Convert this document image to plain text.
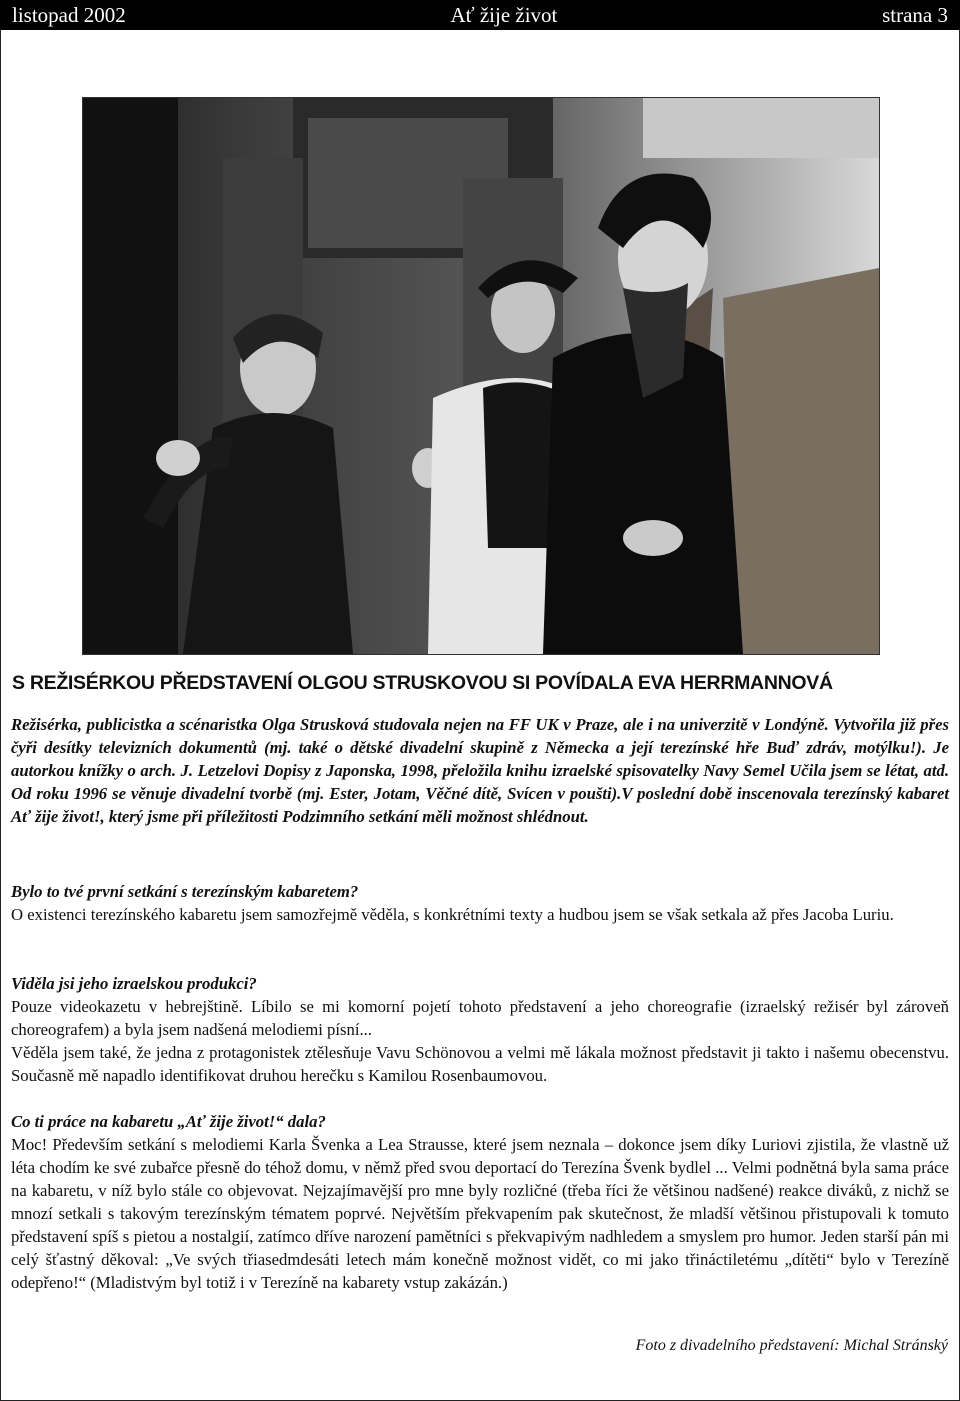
listopad 2002	Ať žije život	strana 3
S REŽISÉRKOU PŘEDSTAVENÍ OLGOU STRUSKOVOU SI POVÍDALA EVA HERRMANNOVÁ

Režisérka, publicistka a scénaristka Olga Strusková studovala nejen na FF UK v Praze, ale i na univerzitě v Londýně. Vytvořila již přes čyři desítky televizních dokumentů (mj. také o dětské divadelní skupině z Německa a její terezínské hře Buď zdráv, motýlku!). Je autorkou knížky o arch. J. Letzelovi Dopisy z Japonska, 1998, přeložila knihu izraelské spisovatelky Navy Semel Učila jsem se létat, atd. Od roku 1996 se věnuje divadelní tvorbě (mj. Ester, Jotam, Věčné dítě, Svícen v poušti).V poslední době inscenovala terezínský kabaret Ať žije život!, který jsme při příležitosti Podzimního setkání měli možnost shlédnout.

Bylo to tvé první setkání s terezínským kabaretem?

O existenci terezínského kabaretu jsem samozřejmě věděla, s konkrétními texty a hudbou jsem se však setkala až přes Jacoba Luriu.

Viděla jsi jeho izraelskou produkci?

Pouze videokazetu v hebrejštině. Líbilo se mi komorní pojetí tohoto představení a jeho choreografie (izraelský režisér byl zároveň choreografem) a byla jsem nadšená melodiemi písní...

Věděla jsem také, že jedna z protagonistek ztělesňuje Vavu Schönovou a velmi mě lákala možnost představit ji takto i našemu obecenstvu. Současně mě napadlo identifikovat druhou herečku s Kamilou Rosenbaumovou.

Co ti práce na kabaretu „Ať žije život!“ dala?

Moc! Především setkání s melodiemi Karla Švenka a Lea Strausse, které jsem neznala – dokonce jsem díky Luriovi zjistila, že vlastně už léta chodím ke své zubařce přesně do téhož domu, v němž před svou deportací do Terezína Švenk bydlel ... Velmi podnětná byla sama práce na kabaretu, v níž bylo stále co objevovat. Nejzajímavější pro mne byly rozličné (třeba říci že většinou nadšené) reakce diváků, z nichž se mnozí setkali s takovým terezínským tématem poprvé. Největším překvapením pak skutečnost, že mladší většinou přistupovali k tomuto představení spíš s pietou a nostalgií, zatímco dříve narození pamětníci s překvapivým nadhledem a smyslem pro humor. Jeden starší pán mi celý šťastný děkoval: „Ve svých třiasedmdesáti letech mám konečně možnost vidět, co mi jako třináctiletému „dítěti“ bylo v Terezíně odepřeno!“ (Mladistvým byl totiž i v Terezíně na kabarety vstup zakázán.)

Foto z divadelního představení: Michal Stránský
